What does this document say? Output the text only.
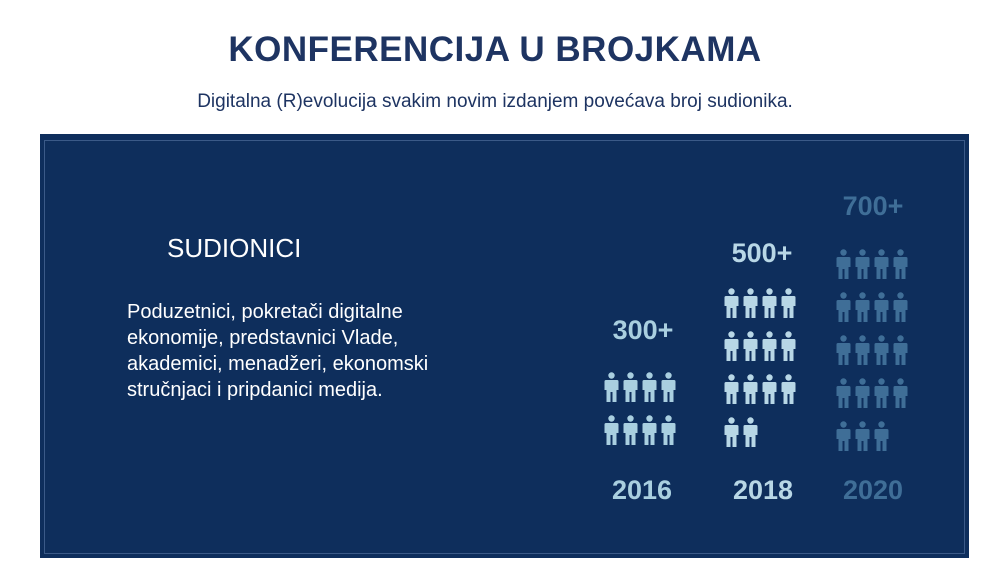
KONFERENCIJA U BROJKAMA
Digitalna (R)evolucija svakim novim izdanjem povećava broj sudionika.
SUDIONICI
Poduzetnici, pokretači digitalne ekonomije, predstavnici Vlade, akademici, menadžeri, ekonomski stručnjaci i pripdanici medija.
300+
2016
500+
2018
700+
2020
